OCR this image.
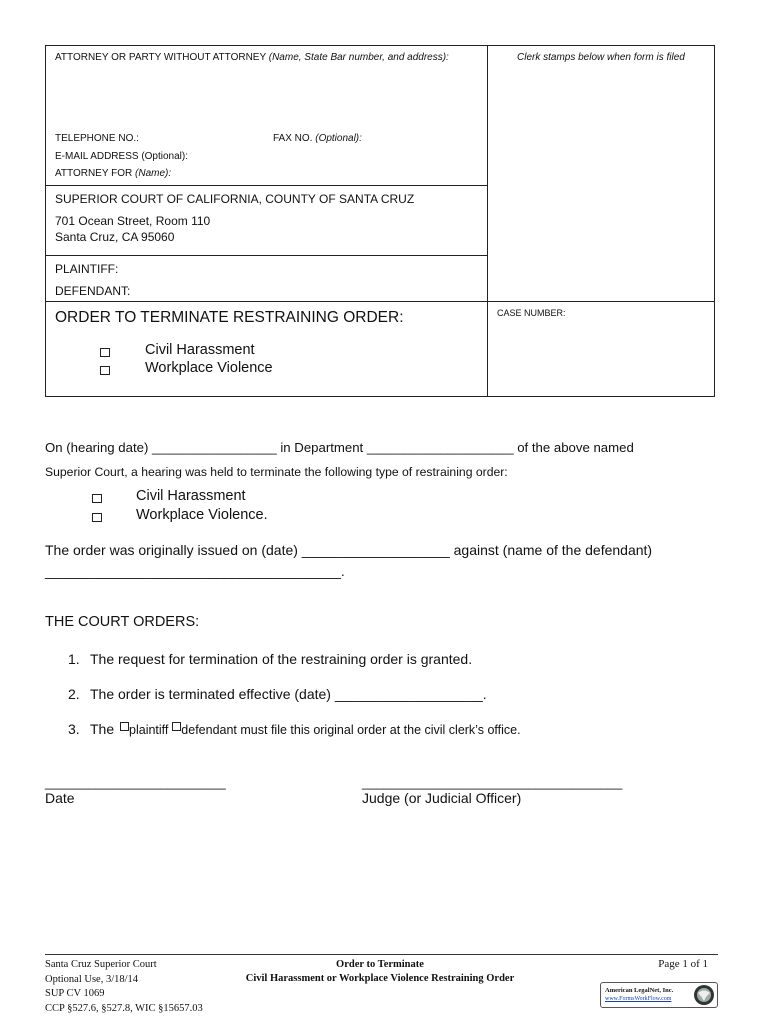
ATTORNEY OR PARTY WITHOUT ATTORNEY (Name, State Bar number, and address):	Clerk stamps below when form is filed
TELEPHONE NO.:	FAX NO. (Optional):
E-MAIL ADDRESS (Optional):
ATTORNEY FOR (Name):
SUPERIOR COURT OF CALIFORNIA, COUNTY OF SANTA CRUZ
701 Ocean Street, Room 110
Santa Cruz, CA 95060
PLAINTIFF:
DEFENDANT:
CASE NUMBER:
ORDER TO TERMINATE RESTRAINING ORDER:
Civil Harassment
Workplace Violence
On (hearing date) _________________ in Department ____________________ of the above named
Superior Court, a hearing was held to terminate the following type of restraining order:
Civil Harassment
Workplace Violence.
The order was originally issued on (date) ___________________ against (name of the defendant)
______________________________________.
THE COURT ORDERS:
1. The request for termination of the restraining order is granted.
2. The order is terminated effective (date) ___________________.
3. The plaintiff defendant must file this original order at the civil clerk’s office.
_________________________
Date
____________________________________
Judge (or Judicial Officer)
Santa Cruz Superior Court
Optional Use, 3/18/14
SUP CV 1069
CCP §527.6, §527.8, WIC §15657.03
Order to Terminate
Civil Harassment or Workplace Violence Restraining Order
Page 1 of 1
American LegalNet, Inc.
www.FormsWorkFlow.com
